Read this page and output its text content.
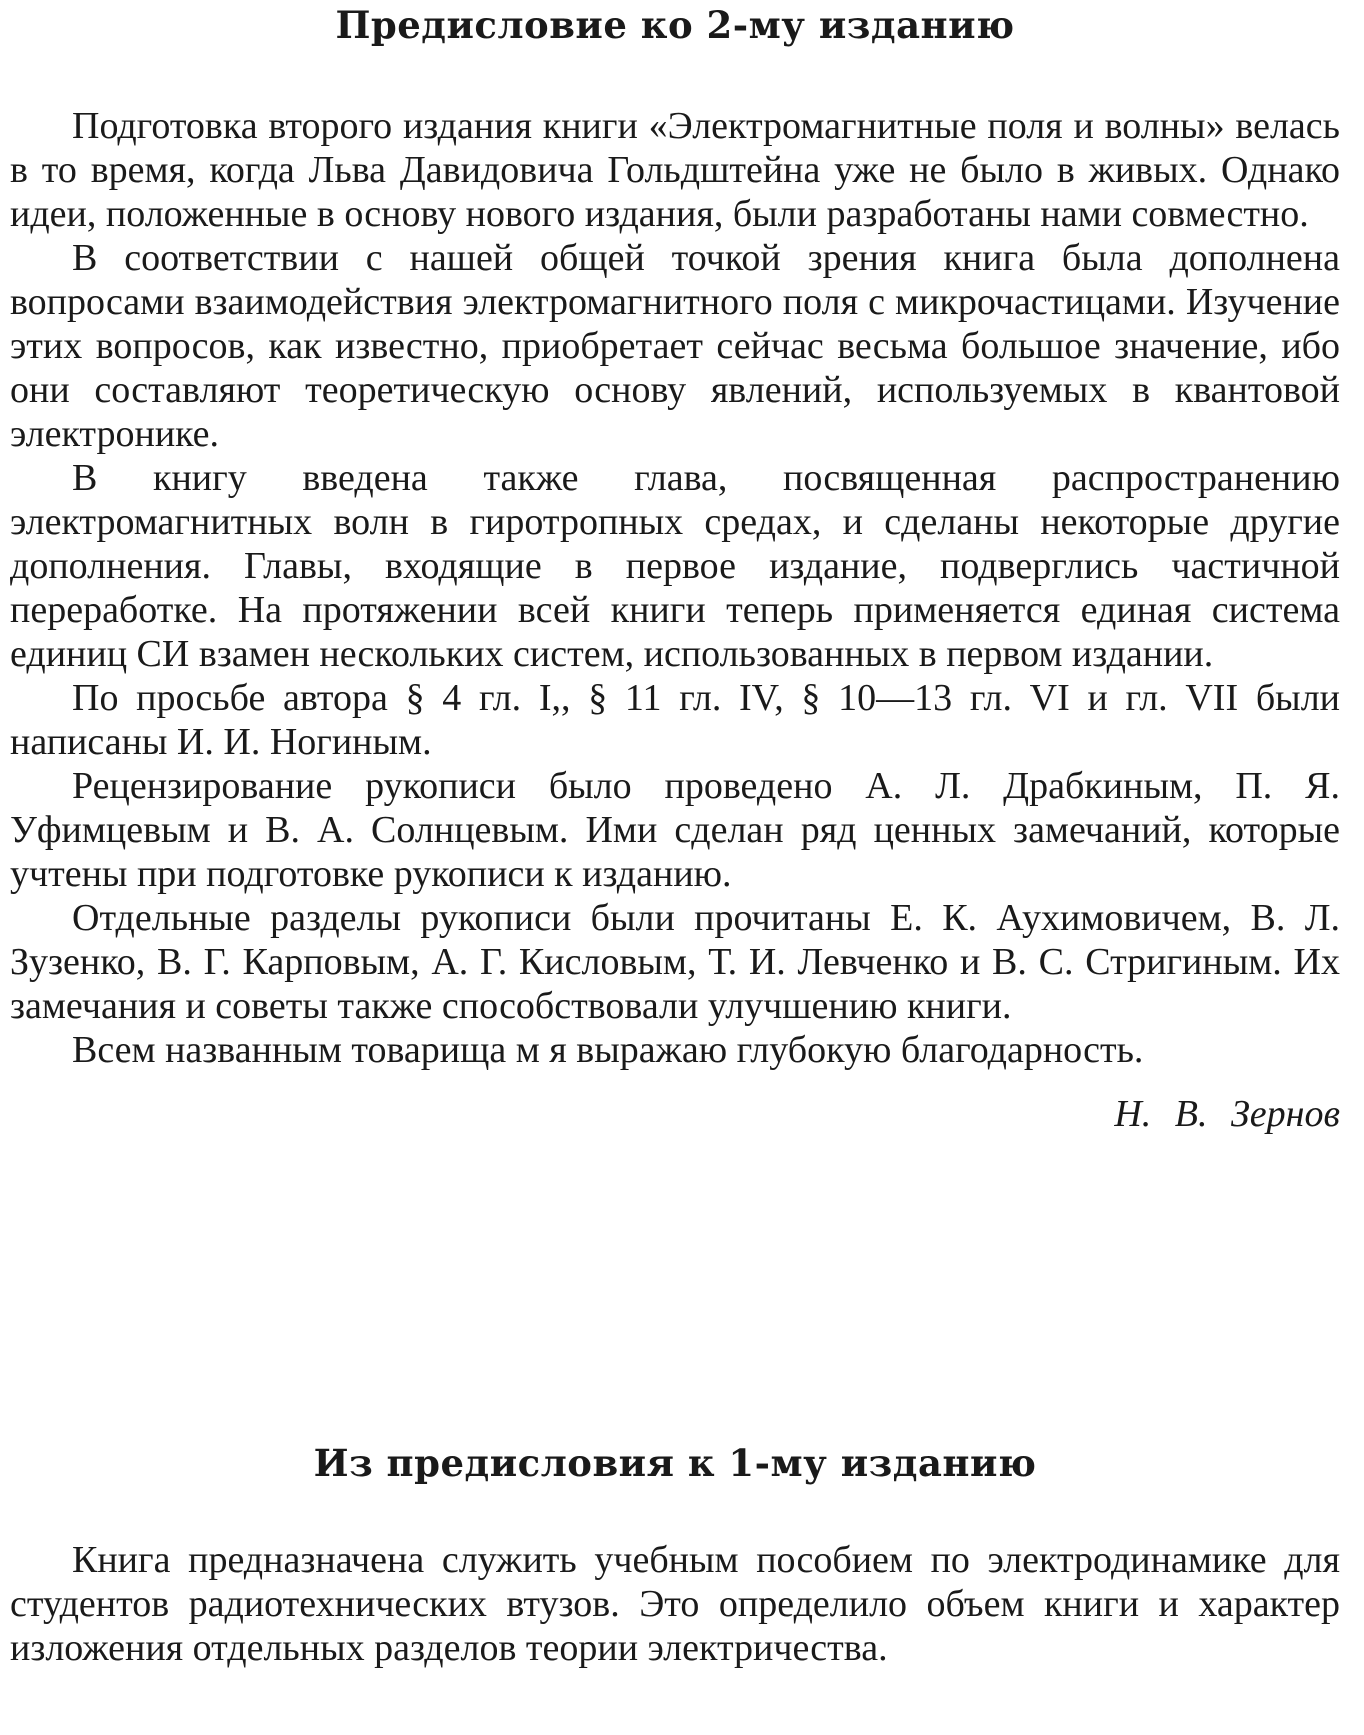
Предисловие ко 2-му изданию

Подготовка второго издания книги «Электромагнитные поля и волны» велась в то время, когда Льва Давидовича Гольдштейна уже не было в живых. Однако идеи, положенные в основу нового издания, были разработаны нами совместно.

В соответствии с нашей общей точкой зрения книга была дополнена вопросами взаимодействия электромагнитного поля с микрочастицами. Изучение этих вопросов, как известно, приобретает сейчас весьма большое значение, ибо они составляют теоретическую основу явлений, используемых в квантовой электронике.

В книгу введена также глава, посвященная распространению электромагнитных волн в гиротропных средах, и сделаны некоторые другие дополнения. Главы, входящие в первое издание, подверглись частичной переработке. На протяжении всей книги теперь применяется единая система единиц СИ взамен нескольких систем, использованных в первом издании.

По просьбе автора § 4 гл. I,, § 11 гл. IV, § 10—13 гл. VI и гл. VII были написаны И. И. Ногиным.

Рецензирование рукописи было проведено А. Л. Драбкиным, П. Я. Уфимцевым и В. А. Солнцевым. Ими сделан ряд ценных замечаний, которые учтены при подготовке рукописи к изданию.

Отдельные разделы рукописи были прочитаны Е. К. Аухимовичем, В. Л. Зузенко, В. Г. Карповым, А. Г. Кисловым, Т. И. Левченко и В. С. Стригиным. Их замечания и советы также способствовали улучшению книги.

Всем названным товарища м я выражаю глубокую благодарность.

Н. В. Зернов
Из предисловия к 1-му изданию

Книга предназначена служить учебным пособием по электродинамике для студентов радиотехнических втузов. Это определило объем книги и характер изложения отдельных разделов теории электричества.
